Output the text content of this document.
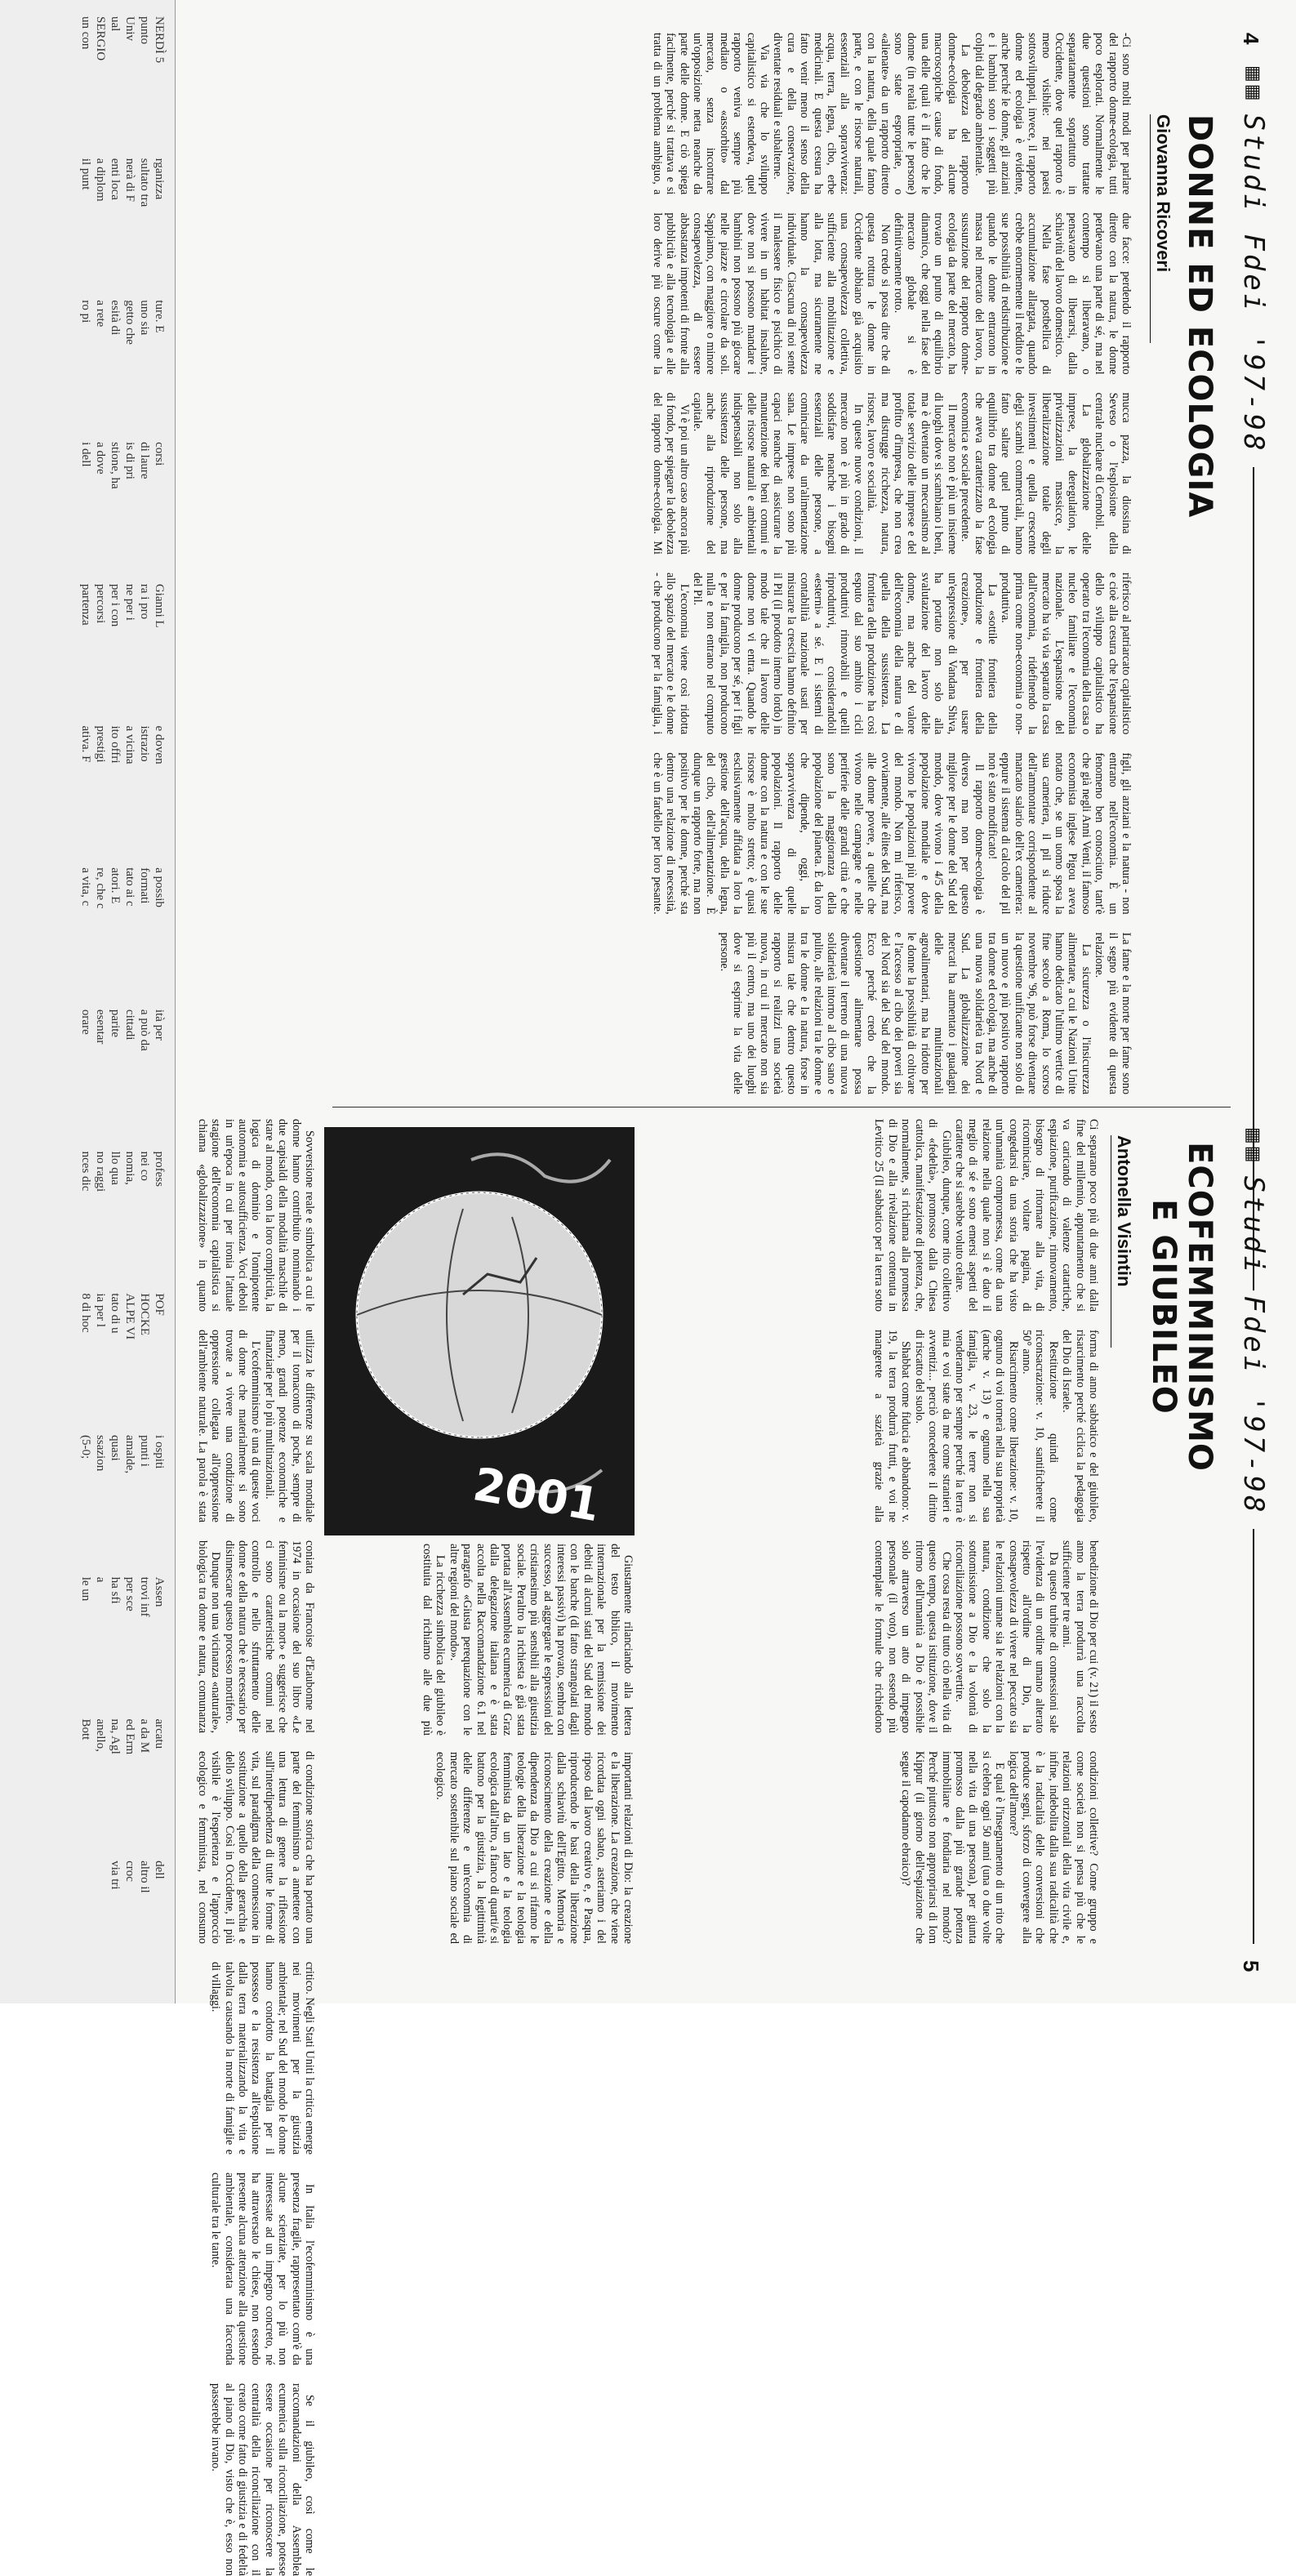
4
▦▦
Studi Fdei '97-98
▦▦
Studi Fdei '97-98
5
DONNE ED ECOLOGIA
Giovanna Ricoveri

-Ci sono molti modi per parlare del rapporto donne-ecologia, tutti poco esplorati. Normalmente le due questioni sono trattate separatamente soprattutto in Occidente, dove quel rapporto è meno visibile: nei paesi sottosviluppati, invece, il rapporto donne ed ecologia è evidente, anche perché le donne, gli anziani e i bambini sono i soggetti più colpiti dal degrado ambientale.

La debolezza del rapporto donne-ecologia ha alcune macroscopiche cause di fondo, una delle quali è il fatto che le donne (in realtà tutte le persone) sono state espropriate, o «alienate» da un rapporto diretto con la natura, della quale fanno parte, e con le risorse naturali, essenziali alla sopravvivenza: acqua, terra, legna, cibo, erbe medicinali. E questa cesura ha fatto venir meno il senso della cura e della conservazione, diventate residuali e subalterne.

Via via che lo sviluppo capitalistico si estendeva, quel rapporto veniva sempre più mediato o «assorbito» dal mercato, senza incontrare un'opposizione netta neanche da parte delle donne. E ciò spiega facilmente, perché si trattava e si tratta di un problema ambiguo, a due facce: perdendo il rapporto diretto con la natura, le donne perdevano una parte di sé, ma nel contempo si liberavano, o pensavano di liberarsi, dalla schiavitù del lavoro domestico.

Nella fase postbellica di accumulazione allargata, quando crebbe enormemente il reddito e le sue possibilità di redistribuzione e quando le donne entrarono in massa nel mercato del lavoro, la sussunzione del rapporto donne-ecologia da parte del mercato, ha trovato un punto di equilibrio dinamico, che oggi nella fase del mercato globale si è definitivamente rotto.

Non credo si possa dire che di questa rottura le donne in Occidente abbiano già acquisito una consapevolezza collettiva, sufficiente alla mobilitazione e alla lotta, ma sicuramente ne hanno la consapevolezza individuale. Ciascuna di noi sente il malessere fisico e psichico di vivere in un habitat insalubre, dove non si possono mandare i bambini non possono più giocare nelle piazze e circolare da soli. Sappiamo, con maggiore o minore consapevolezza, di essere abbastanza impotenti di fronte alla pubblicità e alla tecnologia e alle loro derive più oscure come la mucca pazza, la diossina di Seveso o l'esplosione della centrale nucleare di Cernobil.

La globalizzazione delle imprese, la deregulation, le privatizzazioni massicce, la liberalizzazione totale degli investimenti e quella crescente degli scambi commerciali, hanno fatto saltare quel punto di equilibrio tra donne ed ecologia che aveva caratterizzato la fase economica e sociale precedente.

Il mercato non è più un insieme di luoghi dove si scambiano i beni, ma è diventato un meccanismo al totale servizio delle imprese e del profitto d'impresa, che non crea ma distrugge ricchezza, natura, risorse, lavoro e socialità.

In queste nuove condizioni, il mercato non è più in grado di soddisfare neanche i bisogni essenziali delle persone, a cominciare da un'alimentazione sana. Le imprese non sono più capaci neanche di assicurare la manutenzione dei beni comuni e delle risorse naturali e ambientali indispensabili non solo alla sussistenza delle persone, ma anche alla riproduzione del capitale.

Vi è poi un altro caso ancora più di fondo, per spiegare la debolezza del rapporto donne-ecologia. Mi riferisco al patriarcato capitalistico e cioè alla cesura che l'espansione dello sviluppo capitalistico ha operato tra l'economia della casa o nucleo familiare e l'economia nazionale. L'espansione del mercato ha via via separato la casa dall'economia, ridefinendo la prima come non-economia o non-produttiva.

La «sottile frontiera della produzione e frontiera della creazione», per usare un'espressione di Vandana Shiva, ha portato non solo alla svalutazione del lavoro delle donne, ma anche del valore dell'economia della natura e di quella della sussistenza. La frontiera della produzione ha così esputo dal suo ambito i cicli produttivi rinnovabili e quelli riproduttivi, considerandoli «esterni» a sé. E i sistemi di contabilità nazionale usati per misurare la crescita hanno definito il Pil (il prodotto interno lordo) in modo tale che il lavoro delle donne non vi entra. Quando le donne producono per sé, per i figli e per la famiglia, non producono nulla e non entrano nel computo del Pil.

L'economia viene così ridotta allo spazio del mercato e le donne - che producono per la famiglia, i figli, gli anziani e la natura - non entrano nell'economia. È un fenomeno ben conosciuto, tant'è che già negli Anni Venti, il famoso economista inglese Pigou aveva notato che, se un uomo sposa la sua cameriera, il pil si riduce dell'ammontare corrispondente al mancato salario dell'ex cameriera: eppure il sistema di calcolo del pil non è stato modificato!

Il rapporto donne-ecologia è diverso ma non per questo migliore per le donne del Sud del mondo, dove vivono i 4/5 della popolazione mondiale e dove vivono le popolazioni più povere del mondo. Non mi riferisco, ovviamente, alle élites del Sud, ma alle donne povere, a quelle che vivono nelle campagne e nelle periferie delle grandi città e che sono la maggioranza della popolazione del pianeta. È da loro che dipende, oggi, la sopravvivenza di quelle popolazioni. Il rapporto delle donne con la natura e con le sue risorse è molto stretto; è quasi esclusivamente affidata a loro la gestione dell'acqua, della legna, del cibo, dell'alimentazione. È dunque un rapporto forte, ma non positivo per le donne, perché sta dentro una relazione di necessità, che è un fardello per loro pesante. La fame e la morte per fame sono il segno più evidente di questa relazione.

La sicurezza o l'insicurezza alimentare, a cui le Nazioni Unite hanno dedicato l'ultimo vertice di fine secolo a Roma, lo scorso novembre '96, può forse diventare la questione unificante non solo di un nuovo e più positivo rapporto tra donne ed ecologia, ma anche di una nuova solidarietà tra Nord e Sud. La globalizzazione dei mercati ha aumentato i guadagni delle multinazionali agroalimentari, ma ha ridotto per le donne la possibilità di coltivare e l'accesso al cibo dei poveri sia del Nord sia del Sud del mondo. Ecco perché credo che la questione alimentare possa diventare il terreno di una nuova solidarietà intorno al cibo sano e pulito, alle relazioni tra le donne e tra le donne e la natura, forse in misura tale che dentro questo rapporto si realizzi una società nuova, in cui il mercato non sia più il centro, ma uno dei luoghi dove si esprime la vita delle persone.

ECOFEMMINISMO
E GIUBILEO
Antonella Visintin

Ci separano poco più di due anni dalla fine del millennio, appuntamento che si va caricando di valenze catartiche, espiazione, purificazione, rinnovamento, bisogno di ritornare alla vita, di ricominciare, voltare pagina, di congedarsi da una storia che ha visto un'umanità compromessa, come da una relazione nella quale non si è dato il meglio di sé e sono emersi aspetti del carattere che si sarebbe voluto celare.

Giubileo, dunque, come rito collettivo di «fedeltà», promosso dalla Chiesa cattolica, manifestazione di potenza, che, normalmente, si richiama alla promessa di Dio e alla rivelazione contenuta in Levitico 25 (Il sabbatico per la terra sotto forma di anno sabbatico e del giubileo, risarcimento perché ciclica la pedagogia del Dio di Israele.

Restituzione quindi come riconsacrazione: v. 10, santificherete il 50° anno.

Risarcimento come liberazione: v. 10, ognuno di voi tornerà nella sua proprietà (anche v. 13) e ognuno nella sua famiglia, v. 23, le terre non si venderanno per sempre perché la terra è mia e voi state da me come stranieri e avventizi... perciò concederete il diritto di riscatto del suolo.

Shabbat come fiducia e abbandono: v. 19, la terra produrrà frutti, e voi ne mangerete a sazietà grazie alla benedizione di Dio per cui (v. 21) il sesto anno la terra produrrà una raccolta sufficiente per tre anni.

Da questo turbine di connessioni sale l'evidenza di un ordine umano alterato rispetto all'ordine di Dio, la consapevolezza di vivere nel peccato sia le relazioni umane sia le relazioni con la natura, condizione che solo la sottomissione a Dio e la volontà di riconciliazione possono sovvertire.

Che cosa resta di tutto ciò nella vita di questo tempo, questa istituzione, dove il ritorno dell'umanità a Dio è possibile solo attraverso un atto di impegno personale (il voto), non essendo più contemplate le formule che richiedono condizioni collettive? Come gruppo e come società non si pensa più che le relazioni orizzontali della vita civile e, infine, indebolita dalla sua radicalità che è la radicalità delle conversioni che produce segni, sforzo di convergere alla logica dell'amore?

E qual è l'insegnamento di un rito che si celebra ogni 50 anni (una o due volte nella vita di una persona), per giunta promosso dalla più grande potenza immobiliare e fondiaria nel mondo? Perché piuttosto non appropriarsi di Iom Kippur (il giorno dell'espiazione che segue il capodanno ebraico)?

2001

Giustamente rilanciando alla lettera del testo biblico, il movimento internazionale per la remissione dei debiti di alcuni stati del Sud del mondo con le banche (di fatto strangolati dagli interessi passivi) ha provato, sembra con successo, ad aggregare le espressioni del cristianesimo più sensibili alla giustizia sociale. Peraltro la richiesta è già stata portata all'Assemblea ecumenica di Graz dalla delegazione italiana e è stata accolta nella Raccomandazione 6.1 nel paragrafo «Giusta perequazione con le altre regioni del mondo».

La ricchezza simbolica del giubileo è costituita dal richiamo alle due più importanti relazioni di Dio: la creazione e la liberazione. La creazione, che viene ricordata ogni sabato, asteriamo i del riposo dal lavoro creativo e, e Pasqua, riproducendo le basi della liberazione dalla schiavitù dell'Egitto. Memoria e riconoscimento della creazione e della dipendenza da Dio a cui si rifanno le teologie della liberazione e la teologia femminista da un lato e la teologia ecologica dall'altro, a fianco di quarti/e si battono per la giustizia, la legittimità delle differenze e un'economia di mercato sostenibile sul piano sociale ed ecologico.

Sovversione reale e simbolica a cui le donne hanno contribuito nominando i due capisaldi della modalità maschile di stare al mondo, con la loro complicità, la logica di dominio e l'onnipotente autonomia e autosufficienza. Voci deboli in un'epoca in cui per ironia l'attuale stagione dell'economia capitalistica si chiama «globalizzazione» in quanto utilizza le differenze su scala mondiale per il tornaconto di poche, sempre di meno, grandi potenze economiche e finanziarie per lo più multinazionali.

L'ecofemminismo è una di queste voci di donne che materialmente si sono trovate a vivere una condizione di oppressione collegata all'oppressione dell'ambiente naturale. La parola è stata coniata da Francoise d'Eaubonne nel 1974 in occasione del suo libro «Le feminisme ou la mort» e suggerisce che ci sono caratteristiche comuni nel controllo e nello sfruttamento delle donne e della natura che è necessario per disinnescare questo processo mortifero.

Dunque non una vicinanza «naturale», biologica tra donne e natura, comunanza di condizione storica che ha portato una parte del femminismo a annettere con una lettura di genere la riflessione sull'interdipendenza di tutte le forme di vita, sul paradigma della connessione in sostituzione a quello della gerarchia e dello sviluppo. Così in Occidente, il più visibile è l'esperienza e l'approccio ecologico e femminista, nel consumo critico. Negli Stati Uniti la critica emerge nei movimenti per la giustizia ambientale; nel Sud del mondo le donne hanno condotto la battaglia per il possesso e la resistenza all'espulsione dalla terra materializzando la vita e talvolta causando la morte di famiglie e di villaggi.

In Italia l'ecofemminismo è una presenza fragile, rappresentato com'è da alcune scienziate, per lo più non interessate ad un impegno concreto, né ha attraversato le chiese, non essendo presente alcuna attenzione alla questione ambientale, considerata una faccenda culturale tra le tante.

Se il giubileo, così come le raccomandazioni della Assemblea ecumenica sulla riconciliazione, potesse essere occasione per riconoscere la centralità della riconciliazione con il creato come fatto di giustizia e di fedeltà al piano di Dio, visto che è, esso non passerebbe invano.

NERDÌ 5
punto
Univ
ual
SERGIO
un con
rganizza
sultato tra
nerà di F
enti loca
a diplom
il punt
ture. E
uno sia
getto che
esità di
a rete
ro pi
corsi
di laure
is di pri
stione, ha
a dove
i dell
Gianni L
ra i pro
ne per i
per i con
percorsi
partenza
e doven
istrazio
a vicina
ito offri
prestigi
ativa. F
a possib
formati
tato ai c
atori. E
re, che c
a vita, c
ità per
a può da
cittadi
parite
esentar
orare
profess
nei co
nomia,
llo qua
no raggi
nces dic
POF
HOCKE
ALPE VI
tato di u
ia per l
8 di hoc
i ospiti
punti i
amalde,
quasi
ssazion
(5-0;
Assen
trovi inf
per sce
ha sfi
a
le un
arcatu
a da M
ed Erm
na, Agl
anello,
Bott
dell
altro il
croc
via tri
